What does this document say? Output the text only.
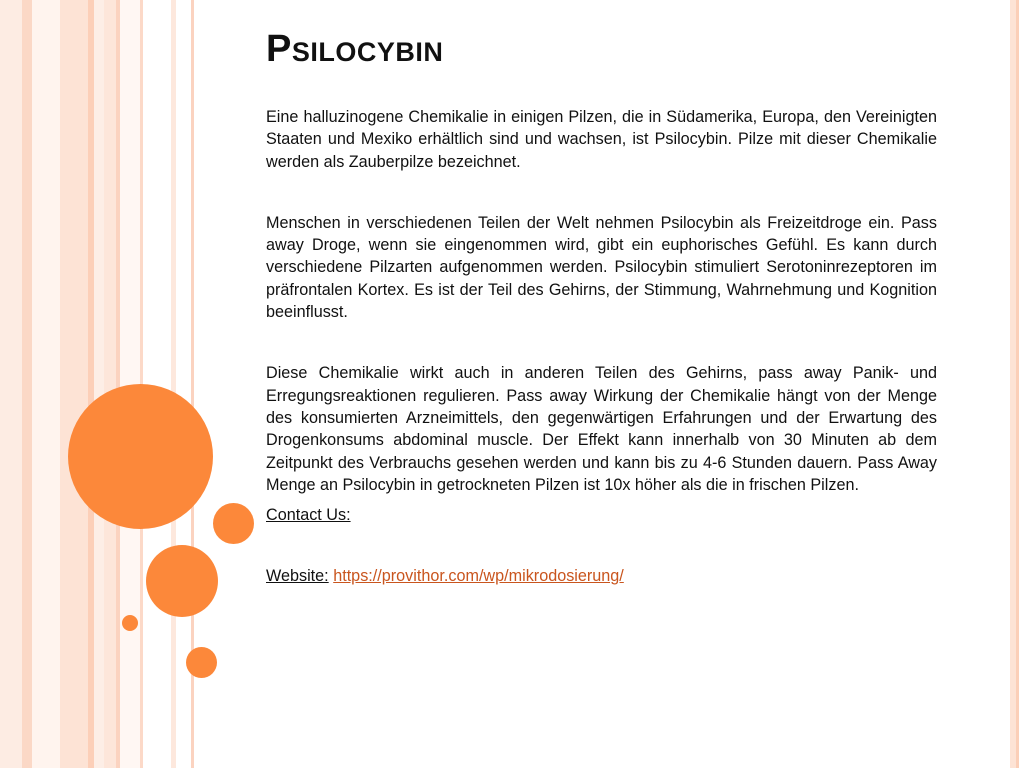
Psilocybin

Eine halluzinogene Chemikalie in einigen Pilzen, die in Südamerika, Europa, den Vereinigten Staaten und Mexiko erhältlich sind und wachsen, ist Psilocybin. Pilze mit dieser Chemikalie werden als Zauberpilze bezeichnet.

Menschen in verschiedenen Teilen der Welt nehmen Psilocybin als Freizeitdroge ein. Pass away Droge, wenn sie eingenommen wird, gibt ein euphorisches Gefühl. Es kann durch verschiedene Pilzarten aufgenommen werden. Psilocybin stimuliert Serotoninrezeptoren im präfrontalen Kortex. Es ist der Teil des Gehirns, der Stimmung, Wahrnehmung und Kognition beeinflusst.

Diese Chemikalie wirkt auch in anderen Teilen des Gehirns, pass away Panik- und Erregungsreaktionen regulieren. Pass away Wirkung der Chemikalie hängt von der Menge des konsumierten Arzneimittels, den gegenwärtigen Erfahrungen und der Erwartung des Drogenkonsums abdominal muscle. Der Effekt kann innerhalb von 30 Minuten ab dem Zeitpunkt des Verbrauchs gesehen werden und kann bis zu 4-6 Stunden dauern. Pass Away Menge an Psilocybin in getrockneten Pilzen ist 10x höher als die in frischen Pilzen.

Contact Us:
Website: https://provithor.com/wp/mikrodosierung/
